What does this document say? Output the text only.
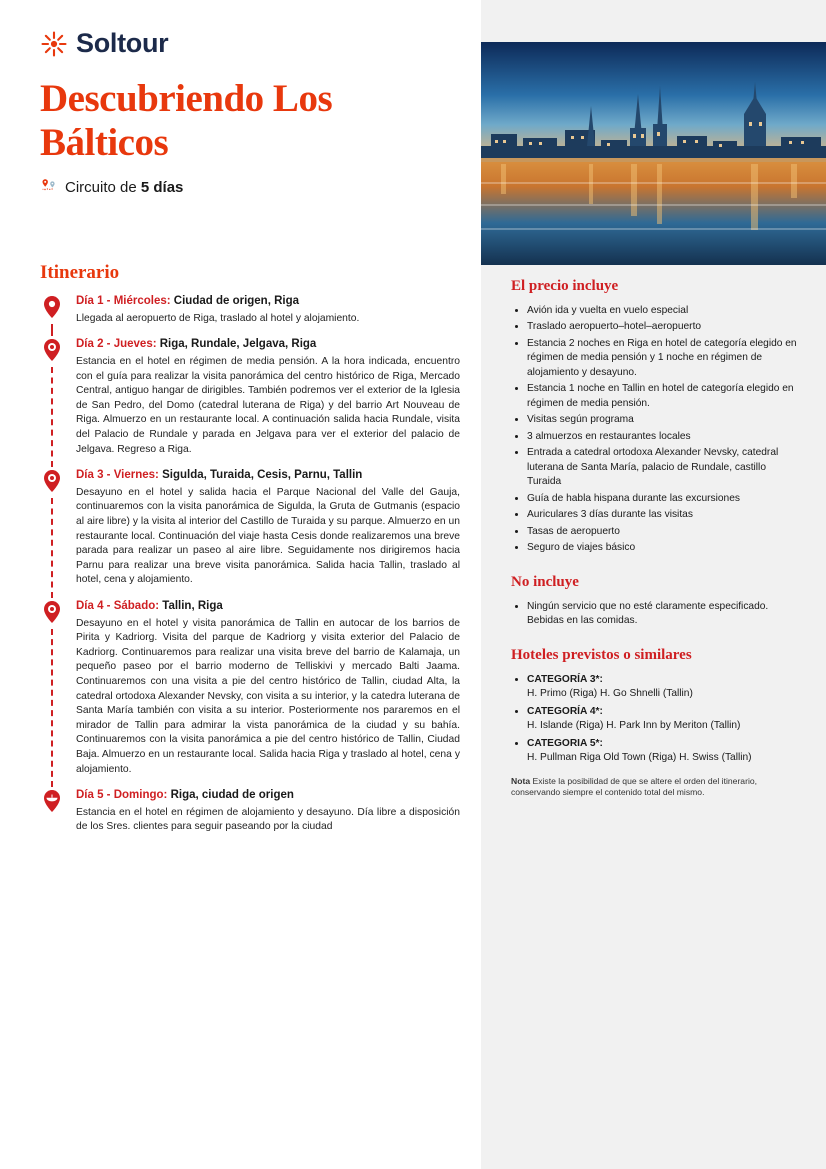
Soltour
Descubriendo Los Bálticos
Circuito de 5 días
Itinerario

Día 1 - Miércoles: Ciudad de origen, Riga

Llegada al aeropuerto de Riga, traslado al hotel y alojamiento.

Día 2 - Jueves: Riga, Rundale, Jelgava, Riga

Estancia en el hotel en régimen de media pensión. A la hora indicada, encuentro con el guía para realizar la visita panorámica del centro histórico de Riga, Mercado Central, antiguo hangar de dirigibles. También podremos ver el exterior de la Iglesia de San Pedro, del Domo (catedral luterana de Riga) y del barrio Art Nouveau de Riga. Almuerzo en un restaurante local. A continuación salida hacia Rundale, visita del Palacio de Rundale y parada en Jelgava para ver el exterior del palacio de Jelgava. Regreso a Riga.

Día 3 - Viernes: Sigulda, Turaida, Cesis, Parnu, Tallin

Desayuno en el hotel y salida hacia el Parque Nacional del Valle del Gauja, continuaremos con la visita panorámica de Sigulda, la Gruta de Gutmanis (espacio al aire libre) y la visita al interior del Castillo de Turaida y su parque. Almuerzo en un restaurante local. Continuación del viaje hasta Cesis donde realizaremos una breve parada para realizar un paseo al aire libre. Seguidamente nos dirigiremos hacia Parnu para realizar una breve visita panorámica. Salida hacia Tallin, traslado al hotel, cena y alojamiento.

Día 4 - Sábado: Tallin, Riga

Desayuno en el hotel y visita panorámica de Tallin en autocar de los barrios de Pirita y Kadriorg. Visita del parque de Kadriorg y visita exterior del Palacio de Kadriorg. Continuaremos para realizar una visita breve del barrio de Kalamaja, un pequeño paseo por el barrio moderno de Telliskivi y mercado Balti Jaama. Continuaremos con una visita a pie del centro histórico de Tallin, ciudad Alta, la catedral ortodoxa Alexander Nevsky, con visita a su interior, y la catedra luterana de Santa María también con visita a su interior. Posteriormente nos pararemos en el mirador de Tallin para admirar la vista panorámica de la ciudad y su bahía. Continuaremos con la visita panorámica a pie del centro histórico de Tallin, Ciudad Baja. Almuerzo en un restaurante local. Salida hacia Riga y traslado al hotel, cena y alojamiento.

Día 5 - Domingo: Riga, ciudad de origen

Estancia en el hotel en régimen de alojamiento y desayuno. Día libre a disposición de los Sres. clientes para seguir paseando por la ciudad

El precio incluye
• Avión ida y vuelta en vuelo especial
• Traslado aeropuerto–hotel–aeropuerto
• Estancia 2 noches en Riga en hotel de categoría elegido en régimen de media pensión y 1 noche en régimen de alojamiento y desayuno.
• Estancia 1 noche en Tallin en hotel de categoría elegido en régimen de media pensión.
• Visitas según programa
• 3 almuerzos en restaurantes locales
• Entrada a catedral ortodoxa Alexander Nevsky, catedral luterana de Santa María, palacio de Rundale, castillo Turaida
• Guía de habla hispana durante las excursiones
• Auriculares 3 días durante las visitas
• Tasas de aeropuerto
• Seguro de viajes básico
No incluye
• Ningún servicio que no esté claramente especificado. Bebidas en las comidas.
Hoteles previstos o similares
• CATEGORÍA 3*:
H. Primo (Riga) H. Go Shnelli (Tallin)
• CATEGORÍA 4*:
H. Islande (Riga) H. Park Inn by Meriton (Tallin)
• CATEGORIA 5*:
H. Pullman Riga Old Town (Riga) H. Swiss (Tallin)

Nota Existe la posibilidad de que se altere el orden del itinerario, conservando siempre el contenido total del mismo.
